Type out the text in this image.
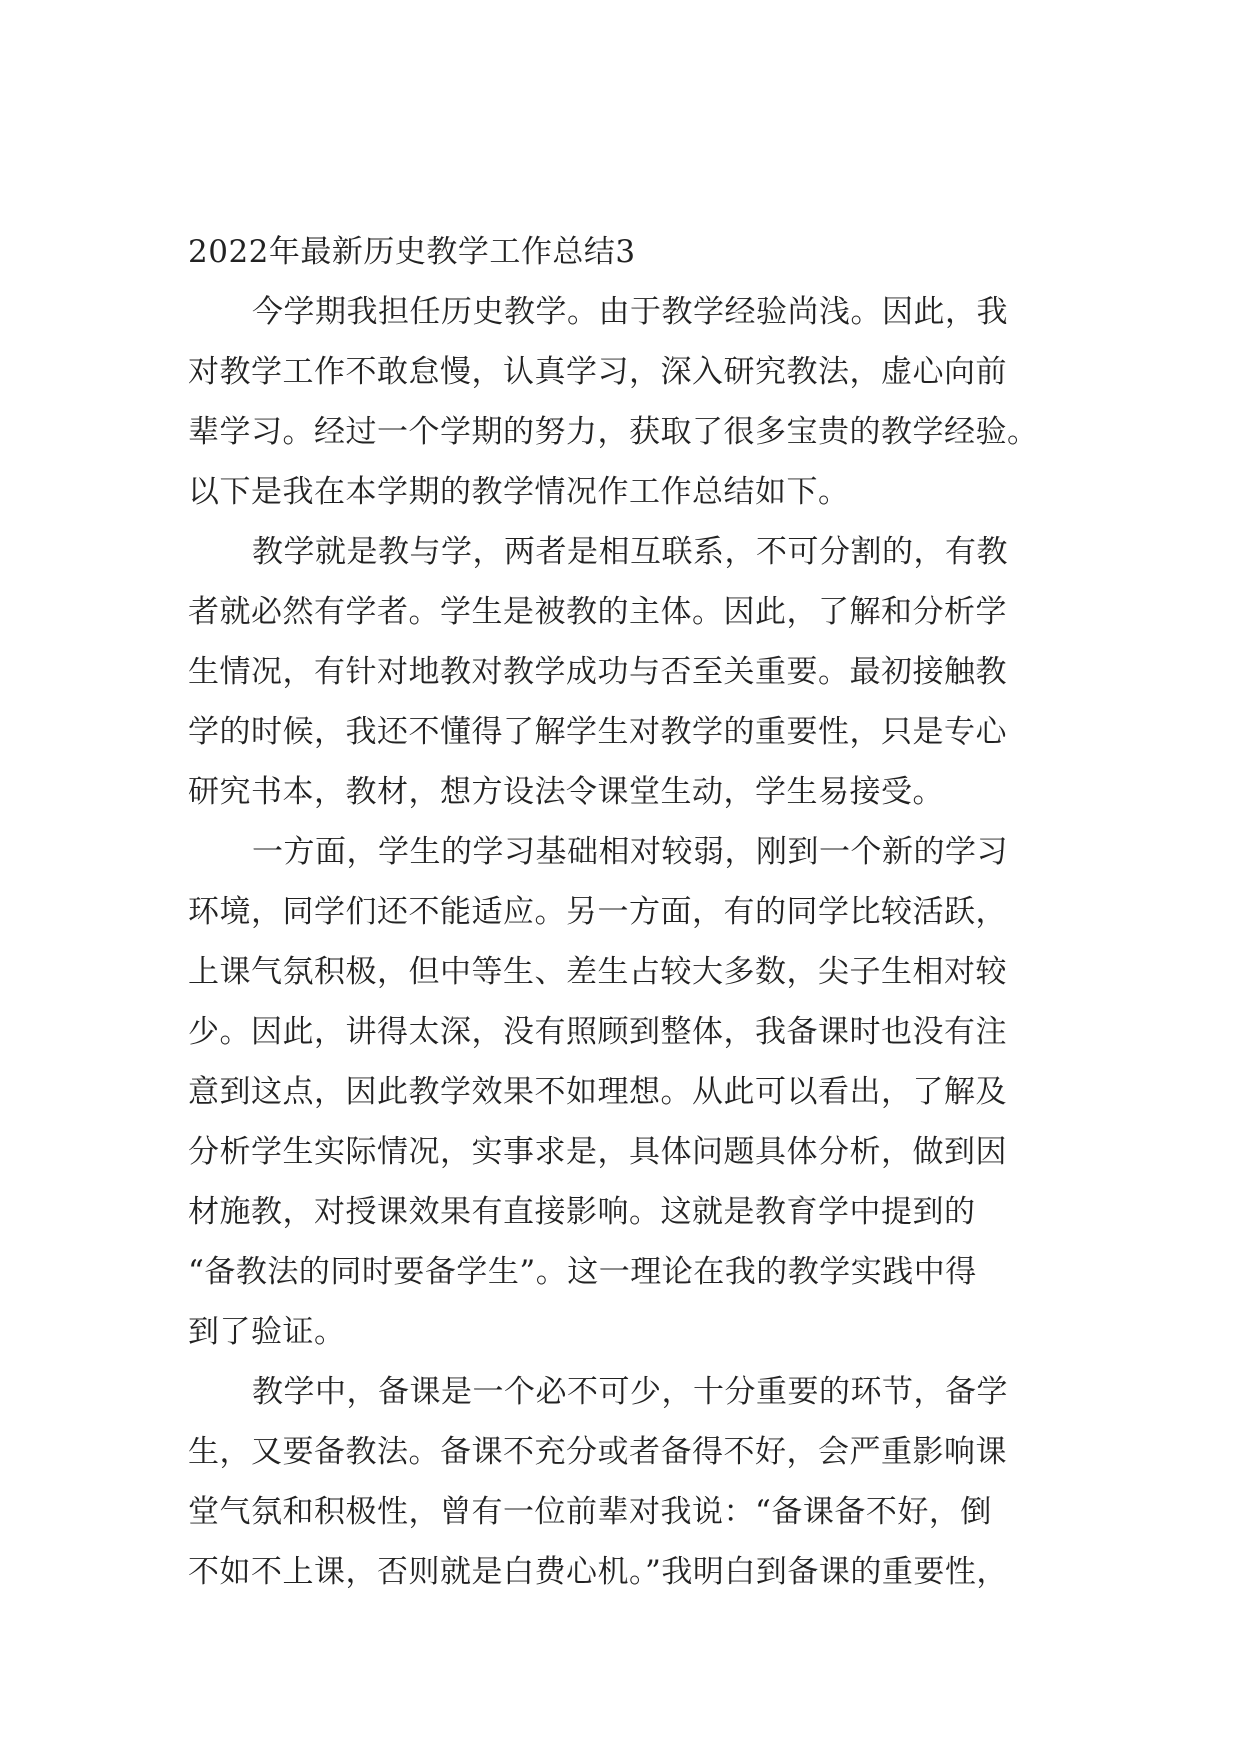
2022年最新历史教学工作总结3
今学期我担任历史教学。由于教学经验尚浅。因此，我
对教学工作不敢怠慢，认真学习，深入研究教法，虚心向前
辈学习。经过一个学期的努力，获取了很多宝贵的教学经验。
以下是我在本学期的教学情况作工作总结如下。
教学就是教与学，两者是相互联系，不可分割的，有教
者就必然有学者。学生是被教的主体。因此，了解和分析学
生情况，有针对地教对教学成功与否至关重要。最初接触教
学的时候，我还不懂得了解学生对教学的重要性，只是专心
研究书本，教材，想方设法令课堂生动，学生易接受。
一方面，学生的学习基础相对较弱，刚到一个新的学习
环境，同学们还不能适应。另一方面，有的同学比较活跃，
上课气氛积极，但中等生、差生占较大多数，尖子生相对较
少。因此，讲得太深，没有照顾到整体，我备课时也没有注
意到这点，因此教学效果不如理想。从此可以看出，了解及
分析学生实际情况，实事求是，具体问题具体分析，做到因
材施教，对授课效果有直接影响。这就是教育学中提到的
“备教法的同时要备学生”。这一理论在我的教学实践中得
到了验证。
教学中，备课是一个必不可少，十分重要的环节，备学
生，又要备教法。备课不充分或者备得不好，会严重影响课
堂气氛和积极性，曾有一位前辈对我说：“备课备不好，倒
不如不上课，否则就是白费心机。”我明白到备课的重要性，
